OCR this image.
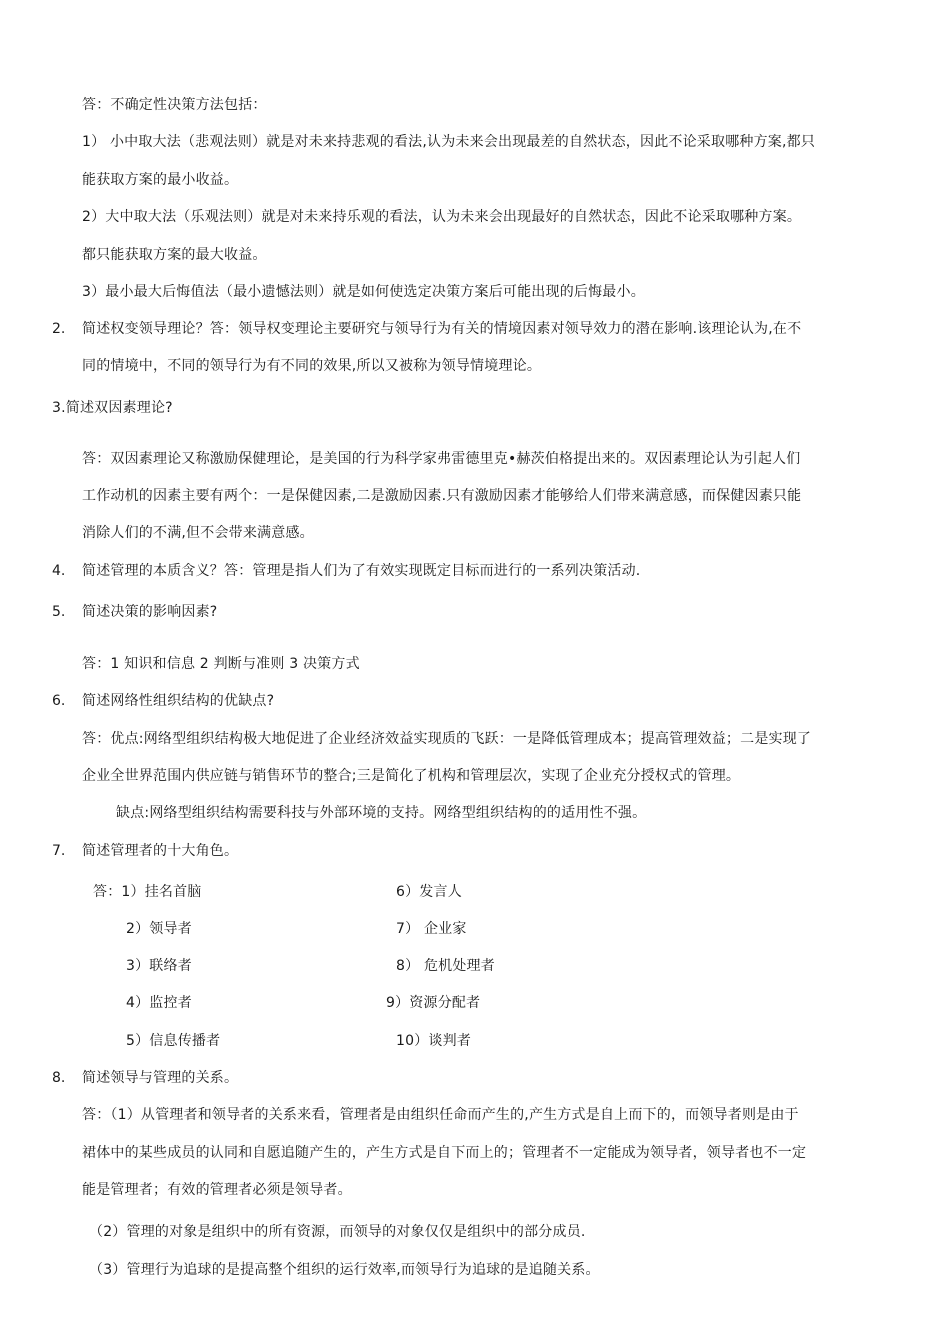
答：不确定性决策方法包括：
1） 小中取大法（悲观法则）就是对未来持悲观的看法,认为未来会出现最差的自然状态，因此不论采取哪种方案,都只
能获取方案的最小收益。
2）大中取大法（乐观法则）就是对未来持乐观的看法，认为未来会出现最好的自然状态，因此不论采取哪种方案。
都只能获取方案的最大收益。
3）最小最大后悔值法（最小遗憾法则）就是如何使选定决策方案后可能出现的后悔最小。
2. 简述权变领导理论？答：领导权变理论主要研究与领导行为有关的情境因素对领导效力的潜在影响.该理论认为,在不
同的情境中，不同的领导行为有不同的效果,所以又被称为领导情境理论。
3.简述双因素理论?
答：双因素理论又称激励保健理论，是美国的行为科学家弗雷德里克•赫茨伯格提出来的。双因素理论认为引起人们
工作动机的因素主要有两个：一是保健因素,二是激励因素.只有激励因素才能够给人们带来满意感，而保健因素只能
消除人们的不满,但不会带来满意感。
4. 简述管理的本质含义？答：管理是指人们为了有效实现既定目标而进行的一系列决策活动.
5. 简述决策的影响因素?
答：1 知识和信息 2 判断与准则 3 决策方式
6. 简述网络性组织结构的优缺点?
答：优点:网络型组织结构极大地促进了企业经济效益实现质的飞跃：一是降低管理成本；提高管理效益；二是实现了
企业全世界范围内供应链与销售环节的整合;三是简化了机构和管理层次，实现了企业充分授权式的管理。
缺点:网络型组织结构需要科技与外部环境的支持。网络型组织结构的的适用性不强。
7. 简述管理者的十大角色。
答：1）挂名首脑
2）领导者
3）联络者
4）监控者
5）信息传播者
6）发言人
7） 企业家
8） 危机处理者
9）资源分配者
10）谈判者
8. 简述领导与管理的关系。
答：（1）从管理者和领导者的关系来看，管理者是由组织任命而产生的,产生方式是自上而下的，而领导者则是由于
裙体中的某些成员的认同和自愿追随产生的，产生方式是自下而上的；管理者不一定能成为领导者，领导者也不一定
能是管理者；有效的管理者必须是领导者。
（2）管理的对象是组织中的所有资源，而领导的对象仅仅是组织中的部分成员.
（3）管理行为追球的是提高整个组织的运行效率,而领导行为追球的是追随关系。
